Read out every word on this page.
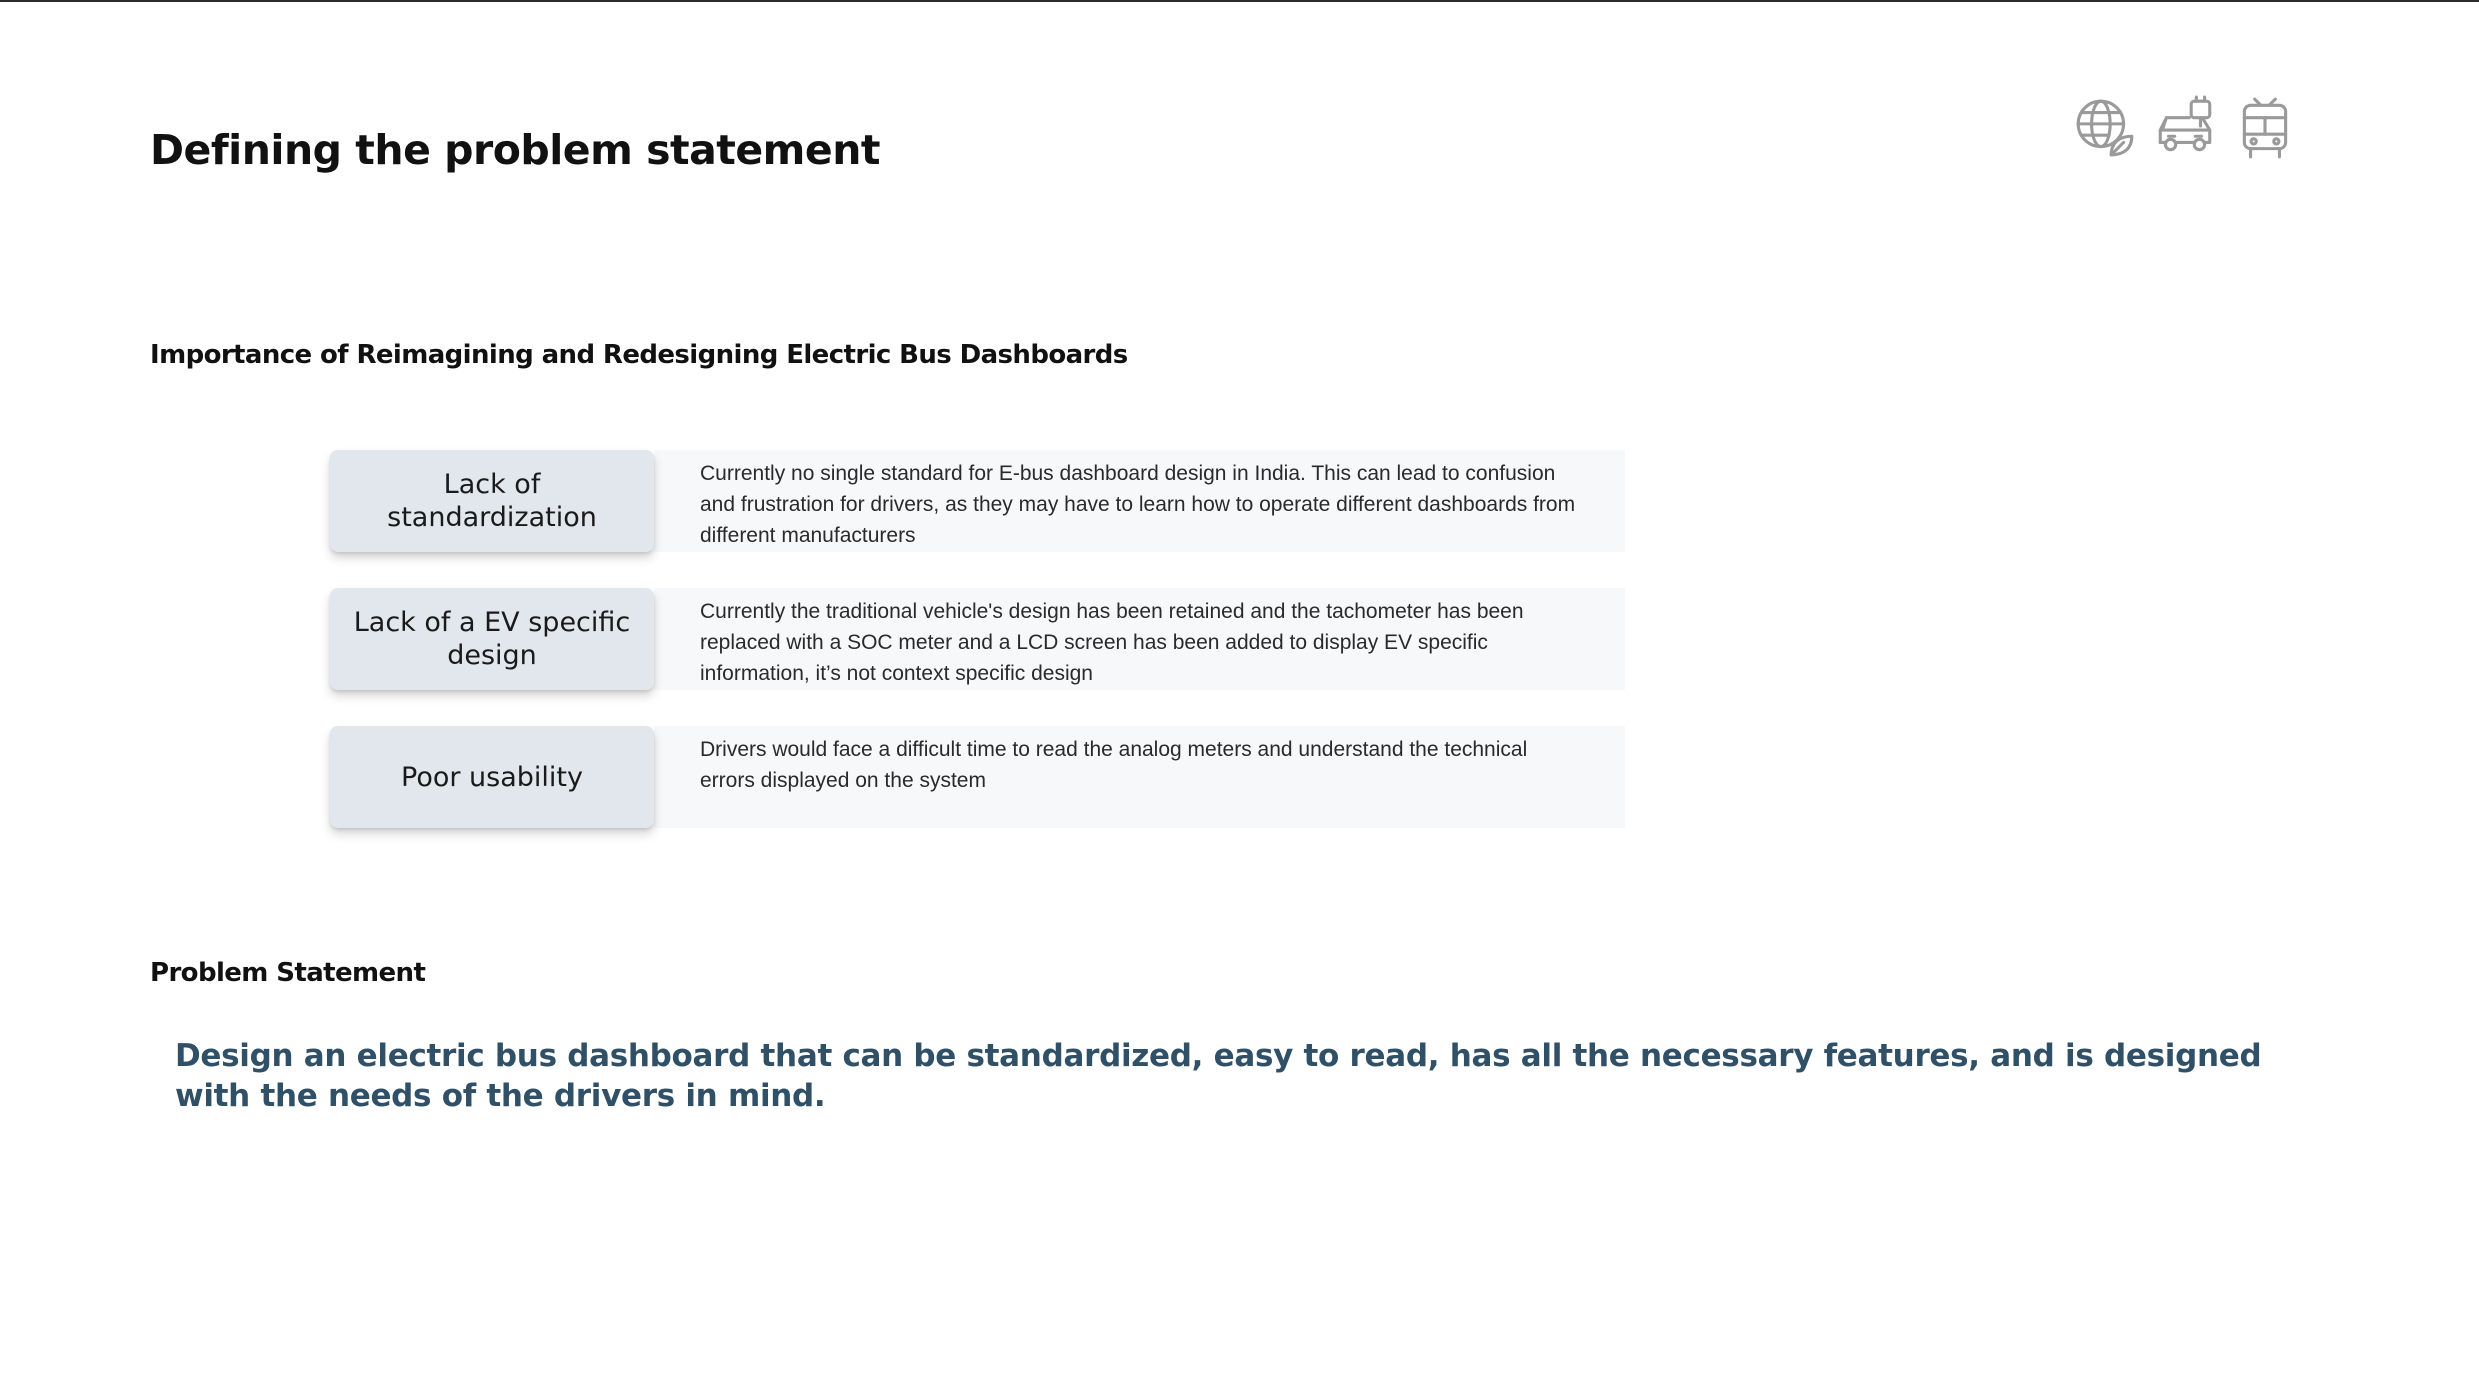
Defining the problem statement
Importance of Reimagining and Redesigning Electric Bus Dashboards
Lack of standardization
Currently no single standard for E-bus dashboard design in India. This can lead to confusion and frustration for drivers, as they may have to learn how to operate different dashboards from different manufacturers
Lack of a EV specific design
Currently the traditional vehicle's design has been retained and the tachometer has been replaced with a SOC meter and a LCD screen has been added to display EV specific information, it’s not context specific design
Poor usability
Drivers would face a difficult time to read the analog meters and understand the technical errors displayed on the system
Problem Statement

Design an electric bus dashboard that can be standardized, easy to read, has all the necessary features, and is designed with the needs of the drivers in mind.
